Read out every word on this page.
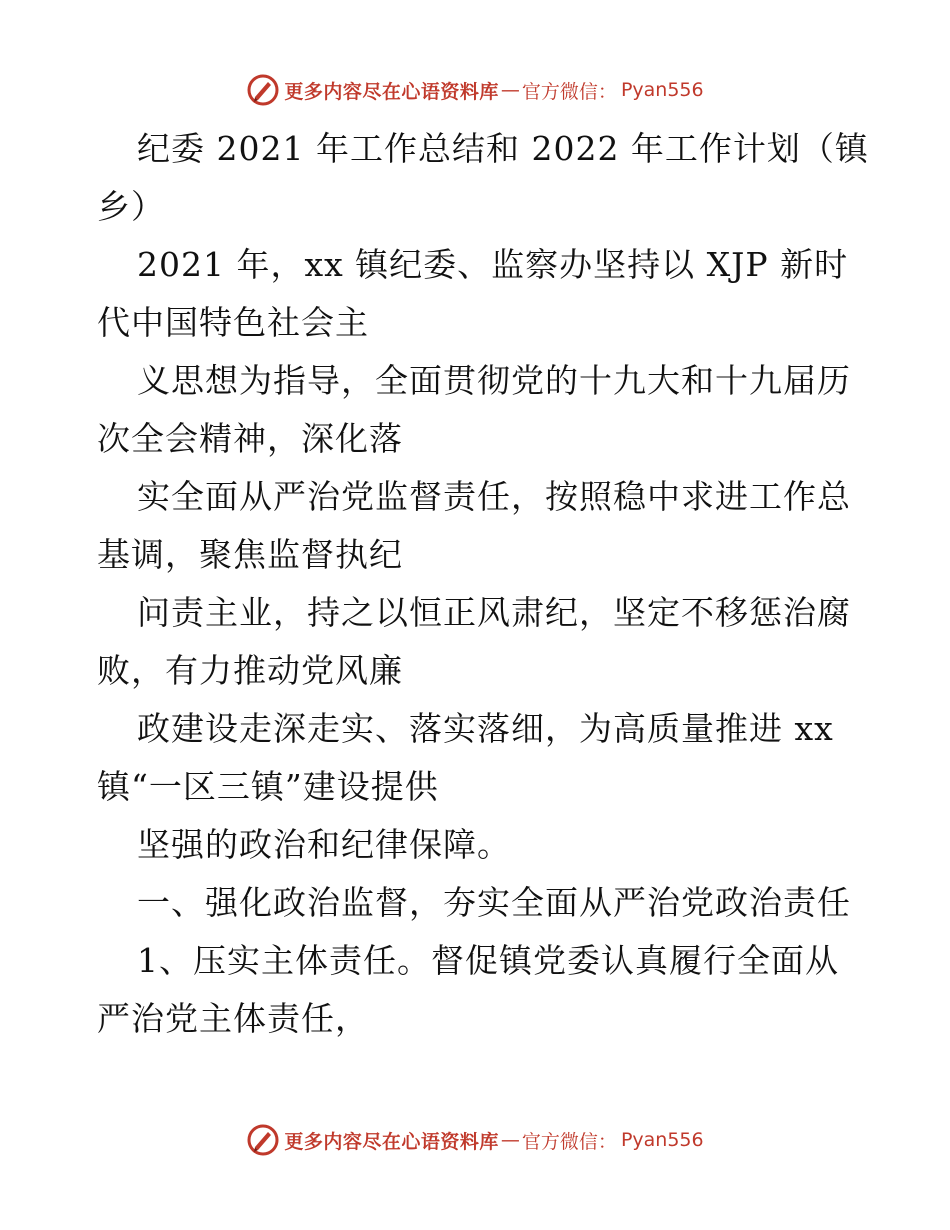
更多内容尽在心语资料库 — 官方微信： Pyan556
纪委 2021 年工作总结和 2022 年工作计划（镇
乡）
2021 年，xx 镇纪委、监察办坚持以 XJP 新时
代中国特色社会主
义思想为指导，全面贯彻党的十九大和十九届历
次全会精神，深化落
实全面从严治党监督责任，按照稳中求进工作总
基调，聚焦监督执纪
问责主业，持之以恒正风肃纪，坚定不移惩治腐
败，有力推动党风廉
政建设走深走实、落实落细，为高质量推进 xx
镇“一区三镇”建设提供
坚强的政治和纪律保障。
一、强化政治监督，夯实全面从严治党政治责任
1、压实主体责任。督促镇党委认真履行全面从
严治党主体责任，
更多内容尽在心语资料库 — 官方微信： Pyan556
